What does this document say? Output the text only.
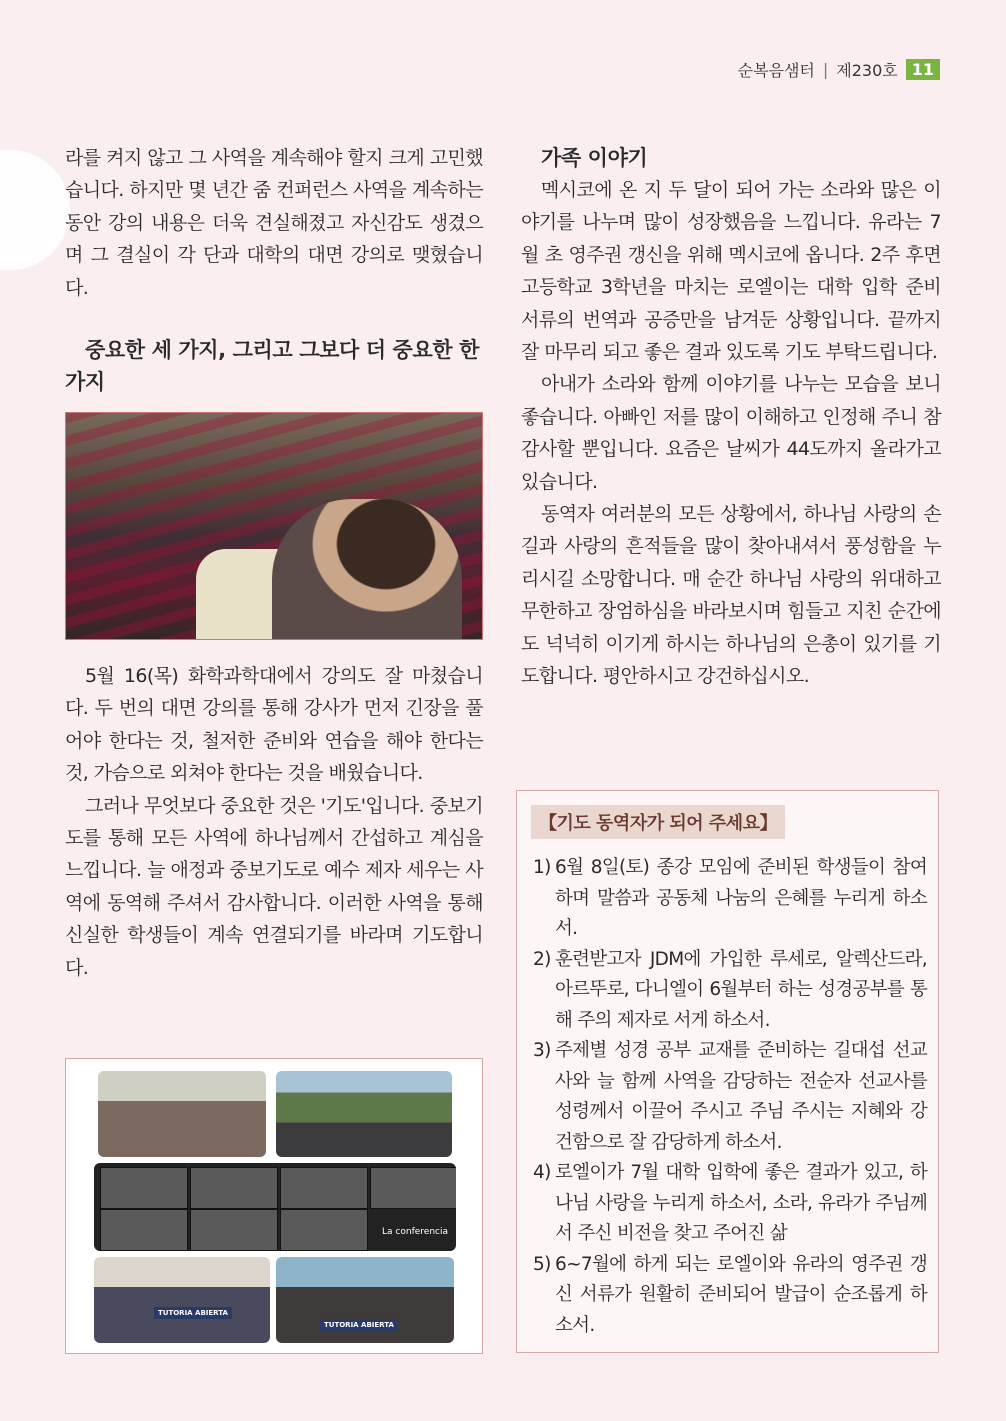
순복음샘터 | 제230호 11

라를 켜지 않고 그 사역을 계속해야 할지 크게 고민했습니다. 하지만 몇 년간 줌 컨퍼런스 사역을 계속하는 동안 강의 내용은 더욱 견실해졌고 자신감도 생겼으며 그 결실이 각 단과 대학의 대면 강의로 맺혔습니다.

중요한 세 가지, 그리고 그보다 더 중요한 한 가지

5월 16(목) 화학과학대에서 강의도 잘 마쳤습니다. 두 번의 대면 강의를 통해 강사가 먼저 긴장을 풀어야 한다는 것, 철저한 준비와 연습을 해야 한다는 것, 가슴으로 외쳐야 한다는 것을 배웠습니다.

그러나 무엇보다 중요한 것은 '기도'입니다. 중보기도를 통해 모든 사역에 하나님께서 간섭하고 계심을 느낍니다. 늘 애정과 중보기도로 예수 제자 세우는 사역에 동역해 주셔서 감사합니다. 이러한 사역을 통해 신실한 학생들이 계속 연결되기를 바라며 기도합니다.

La conferencia
TUTORIA ABIERTA
TUTORIA ABIERTA
가족 이야기

멕시코에 온 지 두 달이 되어 가는 소라와 많은 이야기를 나누며 많이 성장했음을 느낍니다. 유라는 7월 초 영주권 갱신을 위해 멕시코에 옵니다. 2주 후면 고등학교 3학년을 마치는 로엘이는 대학 입학 준비 서류의 번역과 공증만을 남겨둔 상황입니다. 끝까지 잘 마무리 되고 좋은 결과 있도록 기도 부탁드립니다.

아내가 소라와 함께 이야기를 나누는 모습을 보니 좋습니다. 아빠인 저를 많이 이해하고 인정해 주니 참 감사할 뿐입니다. 요즘은 날씨가 44도까지 올라가고 있습니다.

동역자 여러분의 모든 상황에서, 하나님 사랑의 손길과 사랑의 흔적들을 많이 찾아내셔서 풍성함을 누리시길 소망합니다. 매 순간 하나님 사랑의 위대하고 무한하고 장엄하심을 바라보시며 힘들고 지친 순간에도 넉넉히 이기게 하시는 하나님의 은총이 있기를 기도합니다. 평안하시고 강건하십시오.

【기도 동역자가 되어 주세요】
1) 6월 8일(토) 종강 모임에 준비된 학생들이 참여하며 말씀과 공동체 나눔의 은혜를 누리게 하소서.
2) 훈련받고자 JDM에 가입한 루세로, 알렉산드라, 아르뚜로, 다니엘이 6월부터 하는 성경공부를 통해 주의 제자로 서게 하소서.
3) 주제별 성경 공부 교재를 준비하는 길대섭 선교사와 늘 함께 사역을 감당하는 전순자 선교사를 성령께서 이끌어 주시고 주님 주시는 지혜와 강건함으로 잘 감당하게 하소서.
4) 로엘이가 7월 대학 입학에 좋은 결과가 있고, 하나님 사랑을 누리게 하소서, 소라, 유라가 주님께서 주신 비전을 찾고 주어진 삶
5) 6~7월에 하게 되는 로엘이와 유라의 영주권 갱신 서류가 원활히 준비되어 발급이 순조롭게 하소서.
